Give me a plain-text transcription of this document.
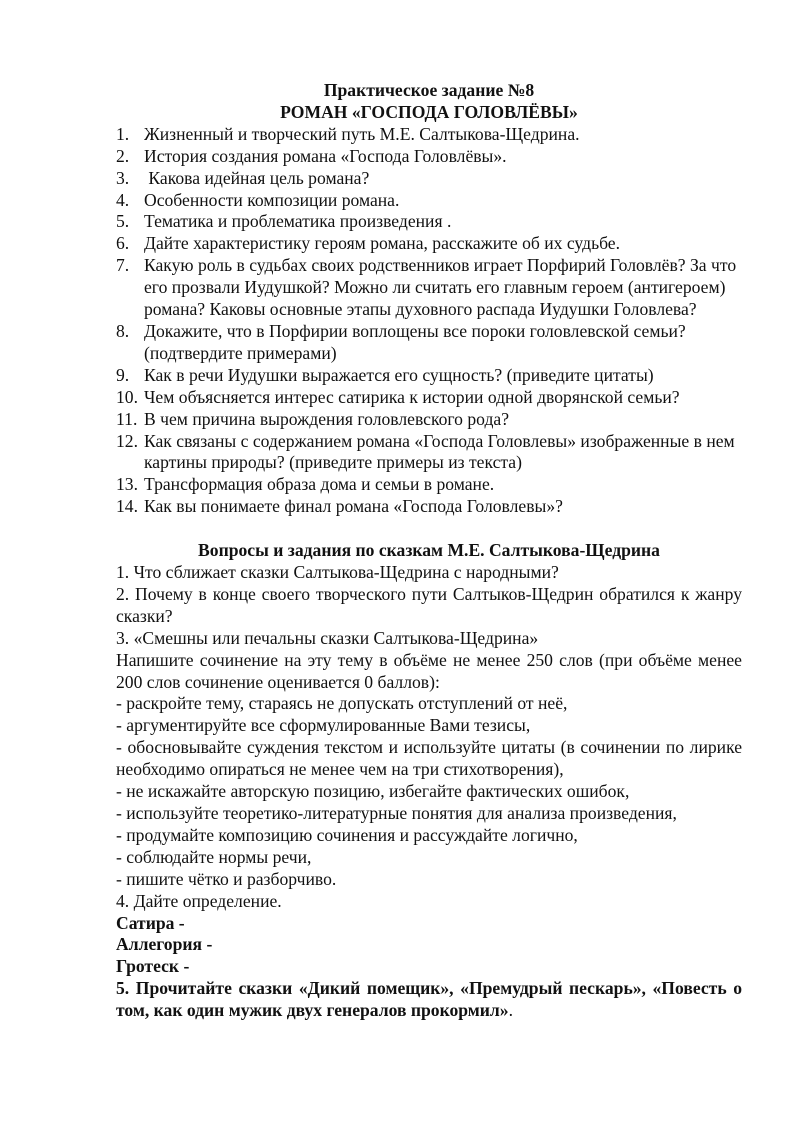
Практическое задание №8
РОМАН «ГОСПОДА ГОЛОВЛЁВЫ»
1. Жизненный и творческий путь М.Е. Салтыкова-Щедрина.
2. История создания романа «Господа Головлёвы».
3. Какова идейная цель романа?
4. Особенности композиции романа.
5. Тематика и проблематика произведения .
6. Дайте характеристику героям романа, расскажите об их судьбе.
7. Какую роль в судьбах своих родственников играет Порфирий Головлёв? За что его прозвали Иудушкой? Можно ли считать его главным героем (антигероем) романа? Каковы основные этапы духовного распада Иудушки Головлева?
8. Докажите, что в Порфирии воплощены все пороки головлевской семьи? (подтвердите примерами)
9. Как в речи Иудушки выражается его сущность? (приведите цитаты)
10. Чем объясняется интерес сатирика к истории одной дворянской семьи?
11. В чем причина вырождения головлевского рода?
12. Как связаны с содержанием романа «Господа Головлевы» изображенные в нем картины природы? (приведите примеры из текста)
13. Трансформация образа дома и семьи в романе.
14. Как вы понимаете финал романа «Господа Головлевы»?
Вопросы и задания по сказкам М.Е. Салтыкова-Щедрина

1. Что сближает сказки Салтыкова-Щедрина с народными?

2. Почему в конце своего творческого пути Салтыков-Щедрин обратился к жанру сказки?

3. «Смешны или печальны сказки Салтыкова-Щедрина»

Напишите сочинение на эту тему в объёме не менее 250 слов (при объёме менее 200 слов сочинение оценивается 0 баллов):

- раскройте тему, стараясь не допускать отступлений от неё,

- аргументируйте все сформулированные Вами тезисы,

- обосновывайте суждения текстом и используйте цитаты (в сочинении по лирике необходимо опираться не менее чем на три стихотворения),

- не искажайте авторскую позицию, избегайте фактических ошибок,

- используйте теоретико-литературные понятия для анализа произведения,

- продумайте композицию сочинения и рассуждайте логично,

- соблюдайте нормы речи,

- пишите чётко и разборчиво.

4. Дайте определение.

Сатира -

Аллегория -

Гротеск -

5. Прочитайте сказки «Дикий помещик», «Премудрый пескарь», «Повесть о том, как один мужик двух генералов прокормил».
